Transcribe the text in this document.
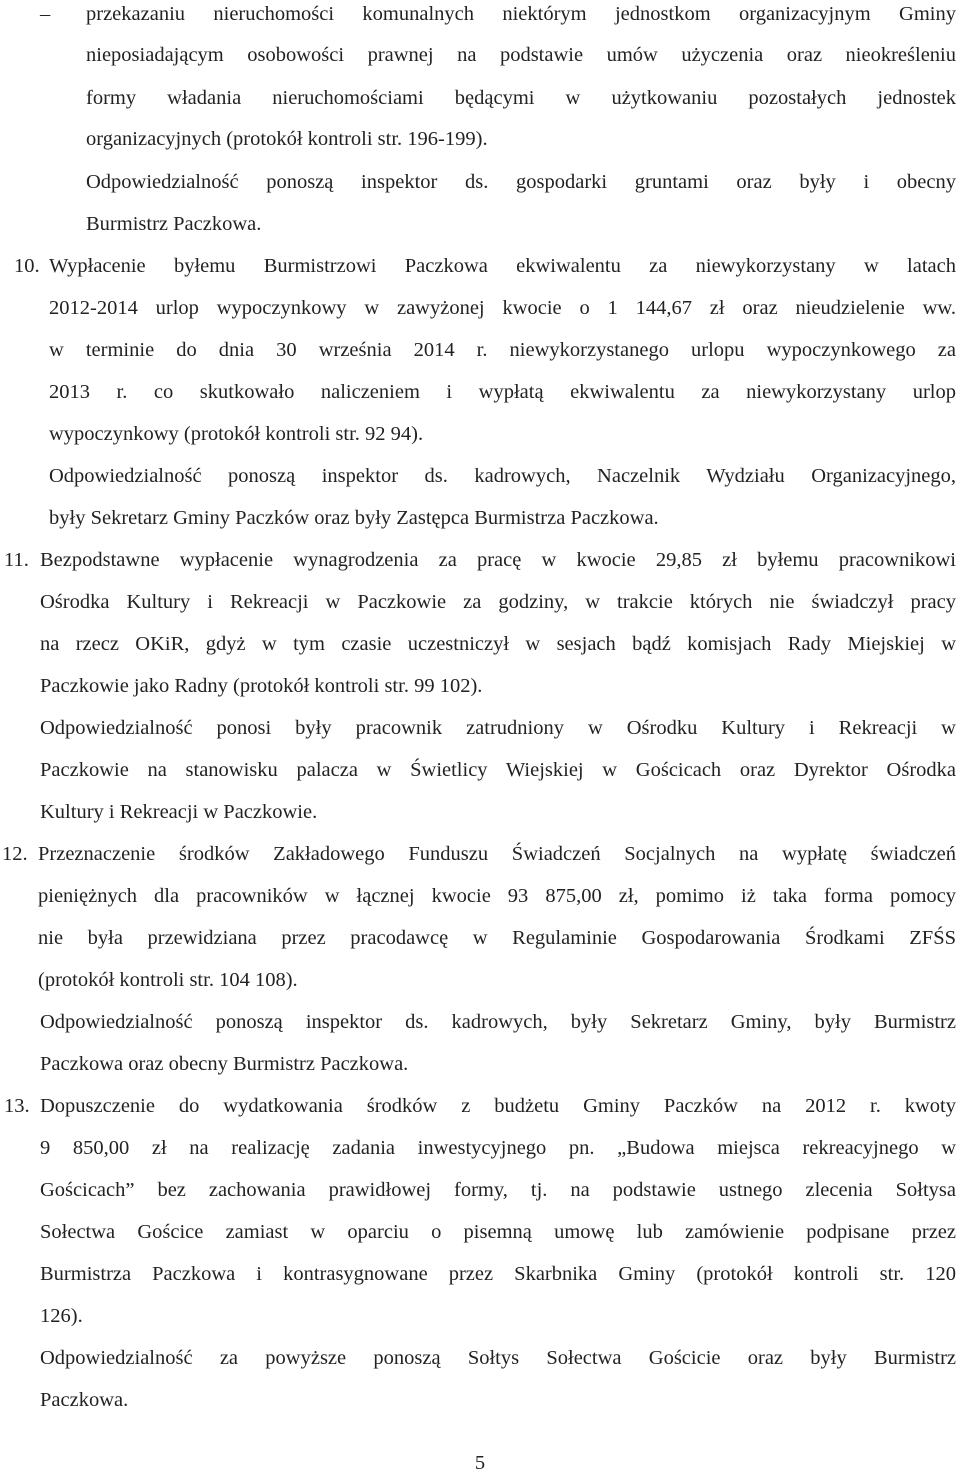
– przekazaniu nieruchomości komunalnych niektórym jednostkom organizacyjnym Gminy
nieposiadającym osobowości prawnej na podstawie umów użyczenia oraz nieokreśleniu
formy władania nieruchomościami będącymi w użytkowaniu pozostałych jednostek
organizacyjnych (protokół kontroli str. 196-199).
Odpowiedzialność ponoszą inspektor ds. gospodarki gruntami oraz były i obecny
Burmistrz Paczkowa.
10. Wypłacenie byłemu Burmistrzowi Paczkowa ekwiwalentu za niewykorzystany w latach
2012-2014 urlop wypoczynkowy w zawyżonej kwocie o 1 144,67 zł oraz nieudzielenie ww.
w terminie do dnia 30 września 2014 r. niewykorzystanego urlopu wypoczynkowego za
2013 r. co skutkowało naliczeniem i wypłatą ekwiwalentu za niewykorzystany urlop
wypoczynkowy (protokół kontroli str. 92 94).
Odpowiedzialność ponoszą inspektor ds. kadrowych, Naczelnik Wydziału Organizacyjnego,
były Sekretarz Gminy Paczków oraz były Zastępca Burmistrza Paczkowa.
11. Bezpodstawne wypłacenie wynagrodzenia za pracę w kwocie 29,85 zł byłemu pracownikowi
Ośrodka Kultury i Rekreacji w Paczkowie za godziny, w trakcie których nie świadczył pracy
na rzecz OKiR, gdyż w tym czasie uczestniczył w sesjach bądź komisjach Rady Miejskiej w
Paczkowie jako Radny (protokół kontroli str. 99 102).
Odpowiedzialność ponosi były pracownik zatrudniony w Ośrodku Kultury i Rekreacji w
Paczkowie na stanowisku palacza w Świetlicy Wiejskiej w Gościcach oraz Dyrektor Ośrodka
Kultury i Rekreacji w Paczkowie.
12. Przeznaczenie środków Zakładowego Funduszu Świadczeń Socjalnych na wypłatę świadczeń
pieniężnych dla pracowników w łącznej kwocie 93 875,00 zł, pomimo iż taka forma pomocy
nie była przewidziana przez pracodawcę w Regulaminie Gospodarowania Środkami ZFŚS
(protokół kontroli str. 104 108).
Odpowiedzialność ponoszą inspektor ds. kadrowych, były Sekretarz Gminy, były Burmistrz
Paczkowa oraz obecny Burmistrz Paczkowa.
13. Dopuszczenie do wydatkowania środków z budżetu Gminy Paczków na 2012 r. kwoty
9 850,00 zł na realizację zadania inwestycyjnego pn. „Budowa miejsca rekreacyjnego w
Gościcach” bez zachowania prawidłowej formy, tj. na podstawie ustnego zlecenia Sołtysa
Sołectwa Gościce zamiast w oparciu o pisemną umowę lub zamówienie podpisane przez
Burmistrza Paczkowa i kontrasygnowane przez Skarbnika Gminy (protokół kontroli str. 120
126).
Odpowiedzialność za powyższe ponoszą Sołtys Sołectwa Gościcie oraz były Burmistrz
Paczkowa.
5
